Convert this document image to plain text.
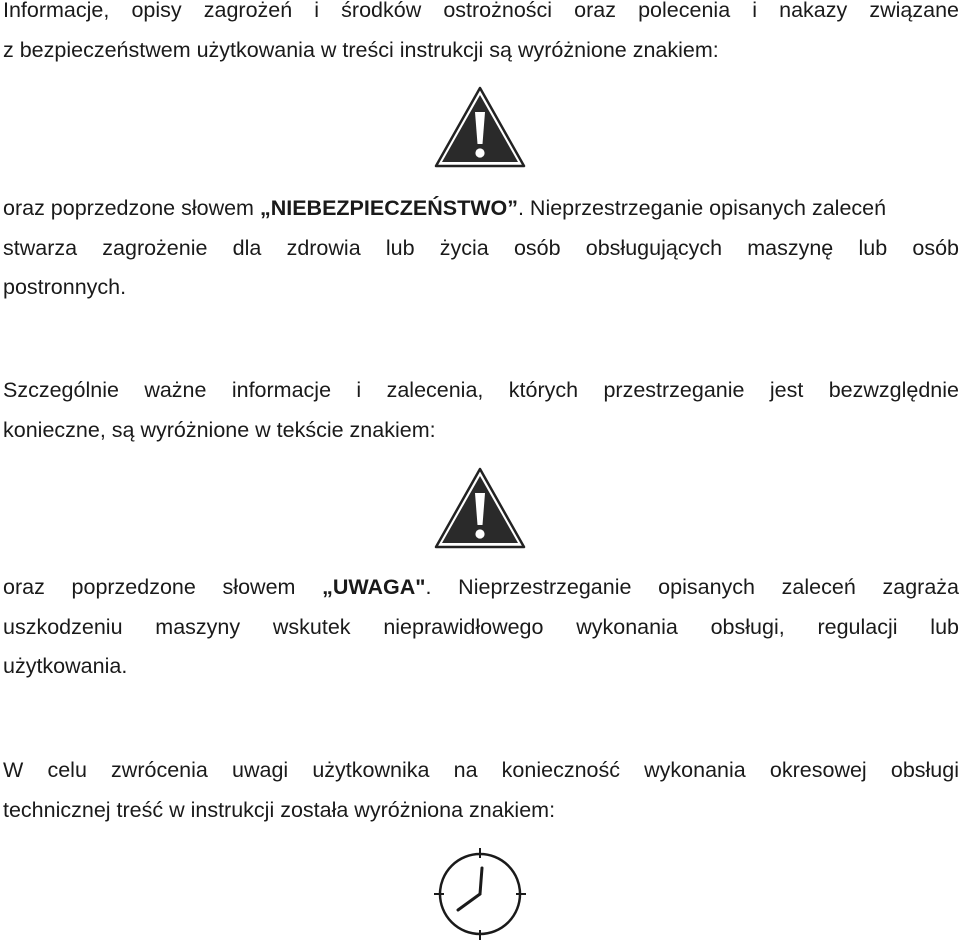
Informacje, opisy zagrożeń i środków ostrożności oraz polecenia i nakazy związane
z bezpieczeństwem użytkowania w treści instrukcji są wyróżnione znakiem:
oraz poprzedzone słowem „NIEBEZPIECZEŃSTWO”. Nieprzestrzeganie opisanych zaleceń
stwarza zagrożenie dla zdrowia lub życia osób obsługujących maszynę lub osób
postronnych.
Szczególnie ważne informacje i zalecenia, których przestrzeganie jest bezwzględnie
konieczne, są wyróżnione w tekście znakiem:
oraz poprzedzone słowem „UWAGA". Nieprzestrzeganie opisanych zaleceń zagraża
uszkodzeniu maszyny wskutek nieprawidłowego wykonania obsługi, regulacji lub
użytkowania.
W celu zwrócenia uwagi użytkownika na konieczność wykonania okresowej obsługi
technicznej treść w instrukcji została wyróżniona znakiem:
